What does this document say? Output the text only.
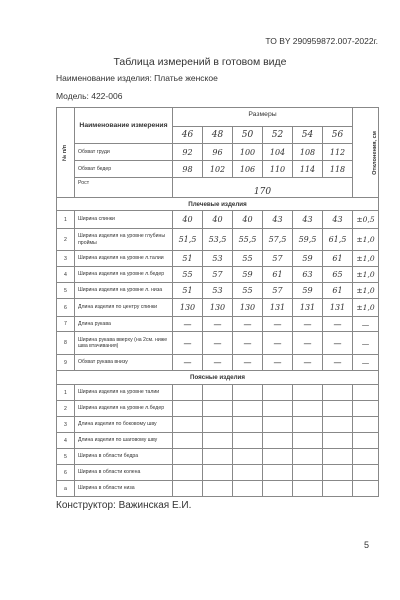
ТО BY 290959872.007-2022г.
Таблица измерений в готовом виде
Наименование изделия: Платье женское
Модель: 422-006
№ п/п	Наименование измерения	Размеры						Отклонения, см
		46	48	50	52	54	56	
	Обхват груди	92	96	100	104	108	112	
	Обхват бедер	98	102	106	110	114	118	
	Рост	170						
Плечевые изделия								
1	Ширина спинки	40	40	40	43	43	43	±0,5
2	Ширина изделия на уровне глубины проймы	51,5	53,5	55,5	57,5	59,5	61,5	±1,0
3	Ширина изделия на уровне л.талии	51	53	55	57	59	61	±1,0
4	Ширина изделия на уровне л.бедер	55	57	59	61	63	65	±1,0
5	Ширина изделия на уровне л. низа	51	53	55	57	59	61	±1,0
6	Длина изделия по центру спинки	130	130	130	131	131	131	±1,0
7	Длина рукава	—	—	—	—	—	—	—
8	Ширина рукава вверху (на 2см. ниже шва втачивания)	—	—	—	—	—	—	—
9	Обхват рукава внизу	—	—	—	—	—	—	—
Поясные изделия								
1	Ширина изделия на уровне талии							
2	Ширина изделия на уровне л.бедер							
3	Длина изделия по боковому шву							
4	Длина изделия по шаговому шву							
5	Ширина в области бедра							
6	Ширина в области колена							
а	Ширина в области низа							
Конструктор: Важинская Е.И.
5
